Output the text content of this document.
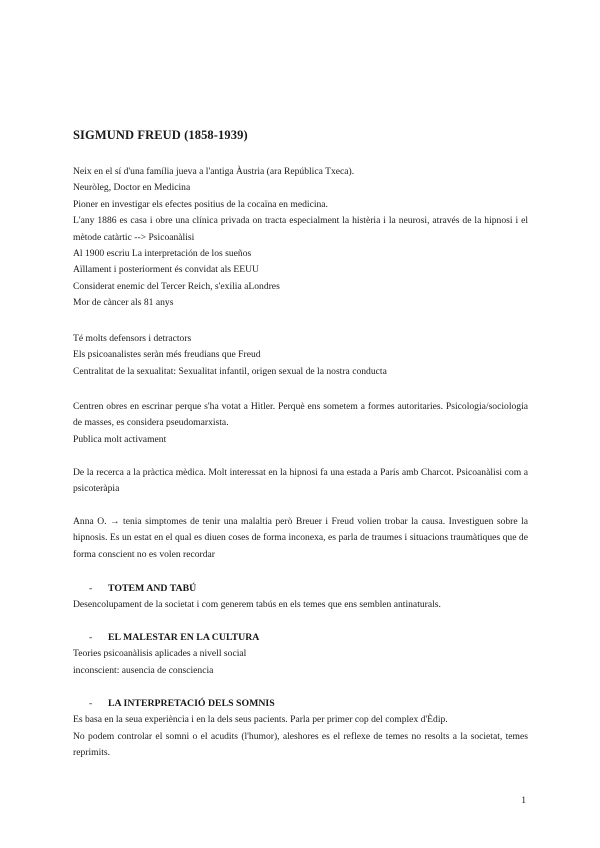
SIGMUND FREUD (1858-1939)
Neix en el sí d'una família jueva a l'antiga Àustria (ara República Txeca).
Neuròleg, Doctor en Medicina
Pioner en investigar els efectes positius de la cocaïna en medicina.
L'any 1886 es casa i obre una clínica privada on tracta especialment la histèria i la neurosi, através de la hipnosi i el mètode catàrtic --> Psicoanàlisi
Al 1900 escriu La interpretación de los sueños
Aïllament i posteriorment és convidat als EEUU
Considerat enemic del Tercer Reich, s'exilia aLondres
Mor de càncer als 81 anys
Té molts defensors i detractors
Els psicoanalistes seràn més freudians que Freud
Centralitat de la sexualitat: Sexualitat infantil, origen sexual de la nostra conducta
Centren obres en escrinar perque s'ha votat a Hitler. Perquè ens sometem a formes autoritaries. Psicologia/sociologia de masses, es considera pseudomarxista.
Publica molt activament
De la recerca a la pràctica mèdica. Molt interessat en la hipnosi fa una estada a París amb Charcot. Psicoanàlisi com a psicoteràpia
Anna O. → tenia simptomes de tenir una malaltia però Breuer i Freud volien trobar la causa. Investiguen sobre la hipnosis. Es un estat en el qual es diuen coses de forma inconexa, es parla de traumes i situacions traumàtiques que de forma conscient no es volen recordar
- TOTEM AND TABÚ
Desencolupament de la societat i com generem tabús en els temes que ens semblen antinaturals.
- EL MALESTAR EN LA CULTURA
Teories psicoanàlisis aplicades a nivell social
inconscient: ausencia de consciencia
- LA INTERPRETACIÓ DELS SOMNIS
Es basa en la seua experiència i en la dels seus pacients. Parla per primer cop del complex d'Èdip.
No podem controlar el somni o el acudits (l'humor), aleshores es el reflexe de temes no resolts a la societat, temes reprimits.
1
